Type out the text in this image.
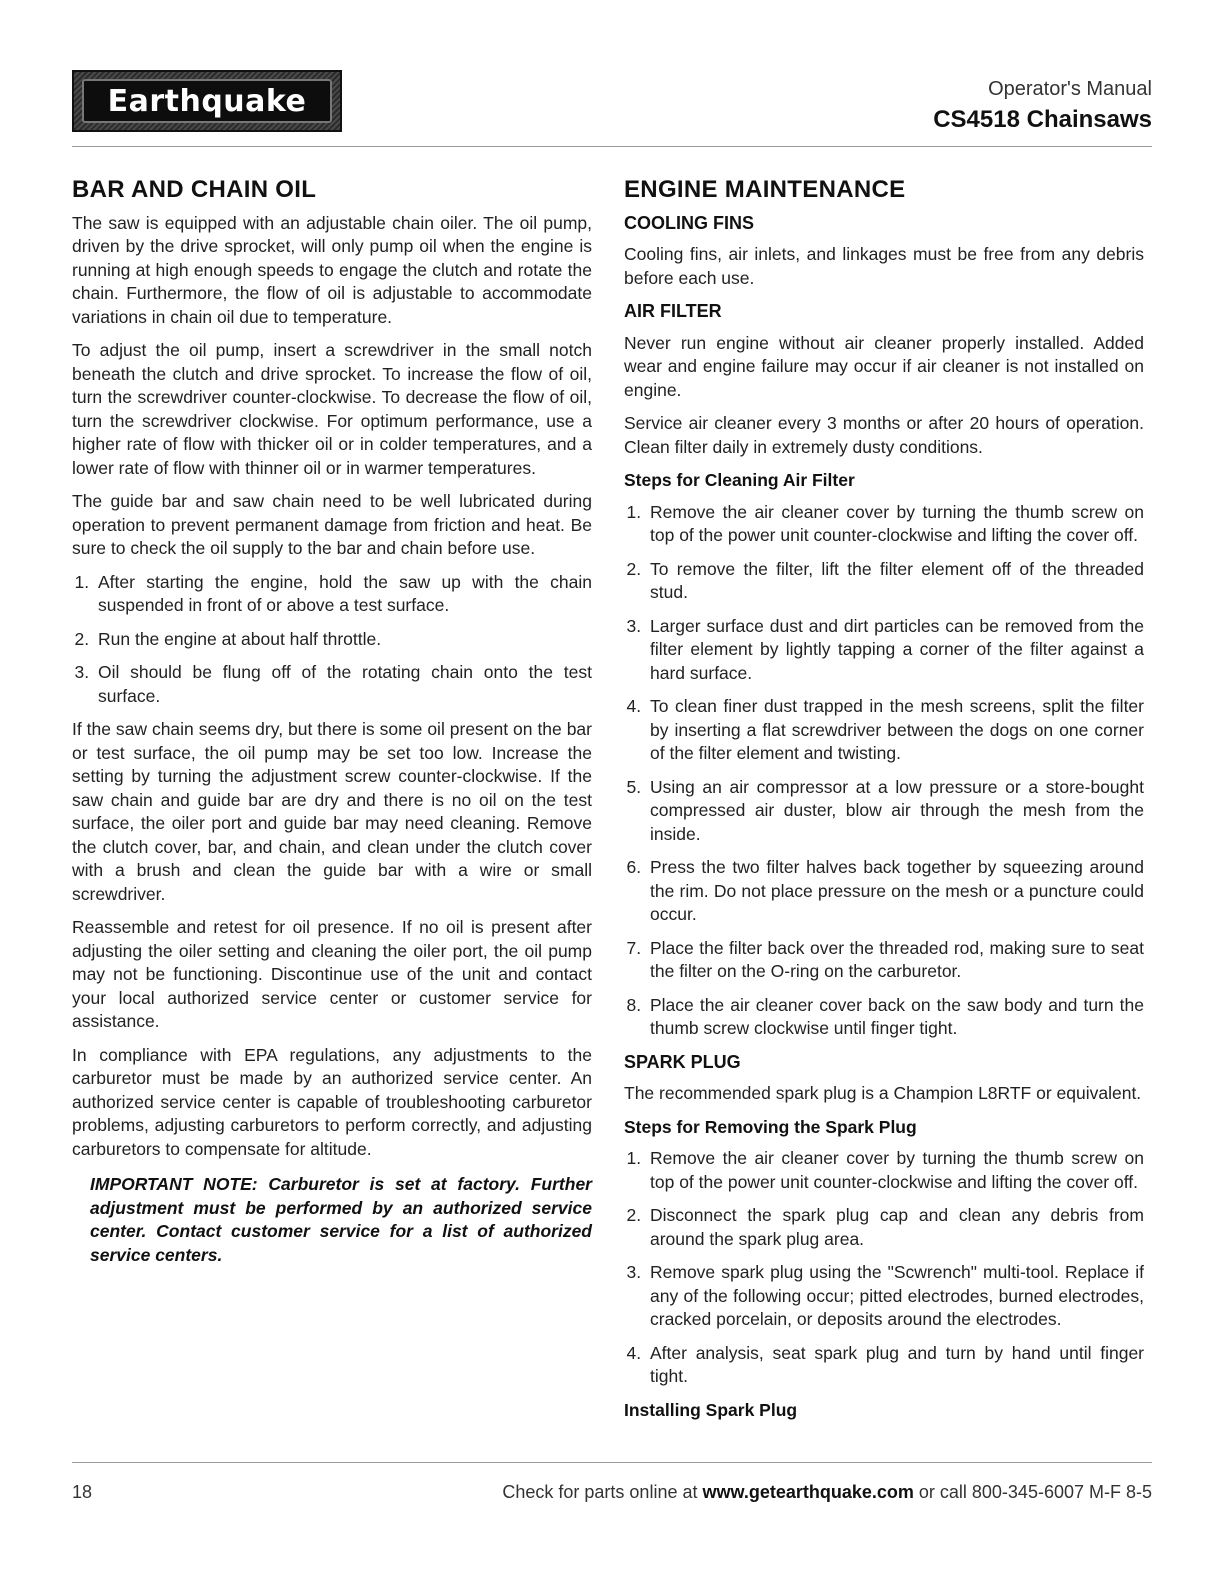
Earthquake	Operator's Manual
CS4518 Chainsaws
BAR AND CHAIN OIL

The saw is equipped with an adjustable chain oiler. The oil pump, driven by the drive sprocket, will only pump oil when the engine is running at high enough speeds to engage the clutch and rotate the chain. Furthermore, the flow of oil is adjustable to accommodate variations in chain oil due to temperature.

To adjust the oil pump, insert a screwdriver in the small notch beneath the clutch and drive sprocket. To increase the flow of oil, turn the screwdriver counter-clockwise. To decrease the flow of oil, turn the screwdriver clockwise. For optimum performance, use a higher rate of flow with thicker oil or in colder temperatures, and a lower rate of flow with thinner oil or in warmer temperatures.

The guide bar and saw chain need to be well lubricated during operation to prevent permanent damage from friction and heat. Be sure to check the oil supply to the bar and chain before use.

1. After starting the engine, hold the saw up with the chain suspended in front of or above a test surface.
2. Run the engine at about half throttle.
3. Oil should be flung off of the rotating chain onto the test surface.

If the saw chain seems dry, but there is some oil present on the bar or test surface, the oil pump may be set too low. Increase the setting by turning the adjustment screw counter-clockwise. If the saw chain and guide bar are dry and there is no oil on the test surface, the oiler port and guide bar may need cleaning. Remove the clutch cover, bar, and chain, and clean under the clutch cover with a brush and clean the guide bar with a wire or small screwdriver.

Reassemble and retest for oil presence. If no oil is present after adjusting the oiler setting and cleaning the oiler port, the oil pump may not be functioning. Discontinue use of the unit and contact your local authorized service center or customer service for assistance.

In compliance with EPA regulations, any adjustments to the carburetor must be made by an authorized service center. An authorized service center is capable of troubleshooting carburetor problems, adjusting carburetors to perform correctly, and adjusting carburetors to compensate for altitude.

IMPORTANT NOTE: Carburetor is set at factory. Further adjustment must be performed by an authorized service center. Contact customer service for a list of authorized service centers.
ENGINE MAINTENANCE
COOLING FINS

Cooling fins, air inlets, and linkages must be free from any debris before each use.

AIR FILTER

Never run engine without air cleaner properly installed. Added wear and engine failure may occur if air cleaner is not installed on engine.

Service air cleaner every 3 months or after 20 hours of operation. Clean filter daily in extremely dusty conditions.

Steps for Cleaning Air Filter
1. Remove the air cleaner cover by turning the thumb screw on top of the power unit counter-clockwise and lifting the cover off.
2. To remove the filter, lift the filter element off of the threaded stud.
3. Larger surface dust and dirt particles can be removed from the filter element by lightly tapping a corner of the filter against a hard surface.
4. To clean finer dust trapped in the mesh screens, split the filter by inserting a flat screwdriver between the dogs on one corner of the filter element and twisting.
5. Using an air compressor at a low pressure or a store-bought compressed air duster, blow air through the mesh from the inside.
6. Press the two filter halves back together by squeezing around the rim. Do not place pressure on the mesh or a puncture could occur.
7. Place the filter back over the threaded rod, making sure to seat the filter on the O-ring on the carburetor.
8. Place the air cleaner cover back on the saw body and turn the thumb screw clockwise until finger tight.
SPARK PLUG

The recommended spark plug is a Champion L8RTF or equivalent.

Steps for Removing the Spark Plug
1. Remove the air cleaner cover by turning the thumb screw on top of the power unit counter-clockwise and lifting the cover off.
2. Disconnect the spark plug cap and clean any debris from around the spark plug area.
3. Remove spark plug using the "Scwrench" multi-tool. Replace if any of the following occur; pitted electrodes, burned electrodes, cracked porcelain, or deposits around the electrodes.
4. After analysis, seat spark plug and turn by hand until finger tight.
Installing Spark Plug
18	Check for parts online at www.getearthquake.com or call 800-345-6007 M-F 8-5
